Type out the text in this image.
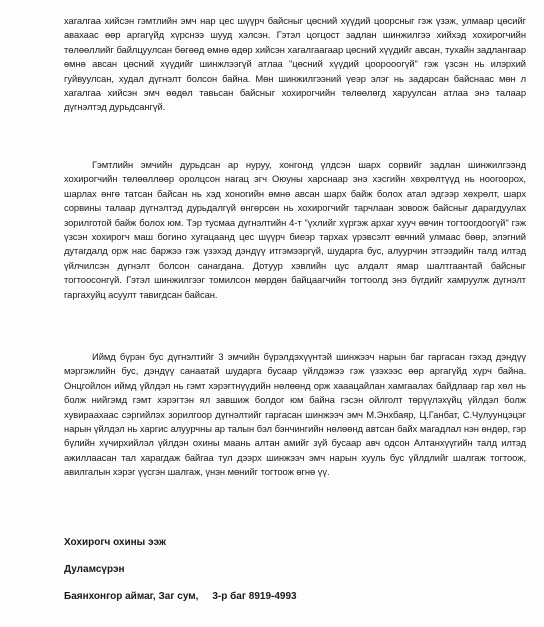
хагалгаа хийсэн гэмтлийн эмч нар цес шүүрч байсныг цөсний хүүдий цоорсныг гэж үзэж, улмаар цөсийг авахаас өөр аргагүйд хүрснээ шууд хэлсэн. Гэтэл цогцост задлан шинжилгээ хийхэд хохирогчийн төлөөллийг байлцуулсан бөгөөд өмнө өдөр хийсэн хагалгаагаар цөсний хүүдийг авсан, тухайн задлангаар өмнө авсан цөсний хүүдийг шинжлээгүй атлаа "цөсний хүүдий цоорооогүй" гэж үзсэн нь илэрхий гуйвуулсан, худал дүгнэлт болсон байна. Мөн шинжилгээний үеэр элэг нь задарсан байснаас мөн л хагалгаа хийсэн эмч өөдөл тавьсан байсныг хохирогчийн төлөөлөгд харуулсан атлаа энэ талаар дүгнэлтэд дурьдсангүй.

Гэмтлийн эмчийн дурьдсан ар нуруу, хонгонд үлдсэн шарх сорвийг задлан шинжилгээнд хохирогчийн төлөөллөөр оролцсон нагац эгч Оюуны харснаар энэ хэсгийн хөхрөлтүүд нь ноогоорох, шарлах өнгө татсан байсан нь хэд хоногийн өмнө авсан шарх байж болох атал эдгээр хөхрөлт, шарх сорвины талаар дүгнэлтэд дурьдалгүй өнгөрсөн нь хохирогчийг тарчлаан зовоож байсныг дарагдуулах зорилготой байж болох юм. Тэр тусмаа дүгнэлтийн 4-т "үхлийг хүргэж архаг хууч өвчин тогтоогдоогүй" гэж үзсэн хохирогч маш богино хугацаанд цес шүүрч биеэр тархах үрэвсэлт өвчний улмаас бөөр, элэгний дутагдалд орж нас баржээ гэж үзэхэд дэндүү итгэмээргүй, шударга бус, алуурчин этгээдийн талд илтэд үйлчилсэн дүгнэлт болсон санагдана. Дотуур хэвлийн цус алдалт ямар шалтгаантай байсныг тогтоосонгүй. Гэтэл шинжилгээг томилсон мөрдөн байцаагчийн тогтоолд энэ бүгдийг хамруулж дүгнэлт гаргахуйц асуулт тавигдсан байсан.

Иймд бүрэн бус дүгнэлтийг 3 эмчийн бүрэлдэхүүнтэй шинжээч нарын баг гаргасан гэхэд дэндүү мэргэжлийн бус, дэндүү санаатай шударга бусаар үйлдэжээ гэж үзэхээс өөр аргагүйд хүрч байна. Онцгойлон иймд үйлдэл нь гэмт хэрэгтнүүдийн нөлөөнд орж хааацайлан хамгаалах байдлаар гар хөл нь болж нийгэмд гэмт хэрэгтэн ял завшиж болдог юм байна гэсэн ойлголт төрүүлэхүйц үйлдэл болж хувираахаас сэргийлэх зорилгоор дүгнэлтийг гаргасан шинжээч эмч М.Энхбаяр, Ц.Ганбат, С.Чулуунцэцэг нарын үйлдэл нь харгис алуурчны ар талын бэл бэнчингийн нөлөөнд автсан байх магадлал нэн өндөр, гэр бүлийн хүчирхийлэл үйлдэн охины маань алтан амийг зүй бусаар авч одсон Алтанхүүгийн талд илтэд ажиллаасан тал харагдаж байгаа тул дээрх шинжээч эмч нарын хууль бус үйлдлийг шалгаж тогтоож, авилгалын хэрэг үүсгэн шалгаж, үнэн мөнийг тогтоож өгнө үү.

Хохирогч охины ээж
Дуламсүрэн
Баянхонгор аймаг, Заг сум,     3-р баг 8919-4993
